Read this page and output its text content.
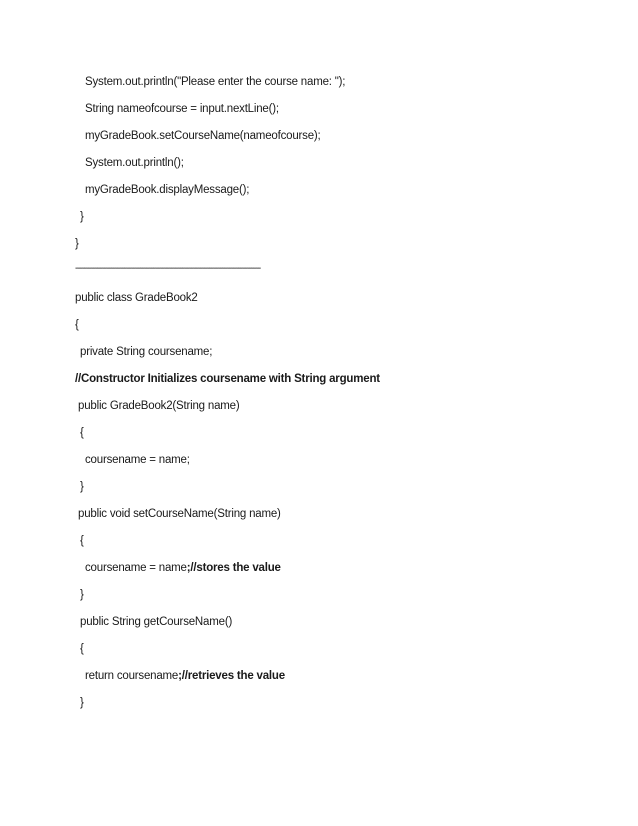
System.out.println("Please enter the course name: ");
String nameofcourse = input.nextLine();
myGradeBook.setCourseName(nameofcourse);
System.out.println();
myGradeBook.displayMessage();
}
}
-----------------------------------------------------------------------------------
public class GradeBook2
{
private String coursename;
//Constructor Initializes coursename with String argument
public GradeBook2(String name)
{
coursename = name;
}
public void setCourseName(String name)
{
coursename = name;//stores the value
}
public String getCourseName()
{
return coursename;//retrieves the value
}
